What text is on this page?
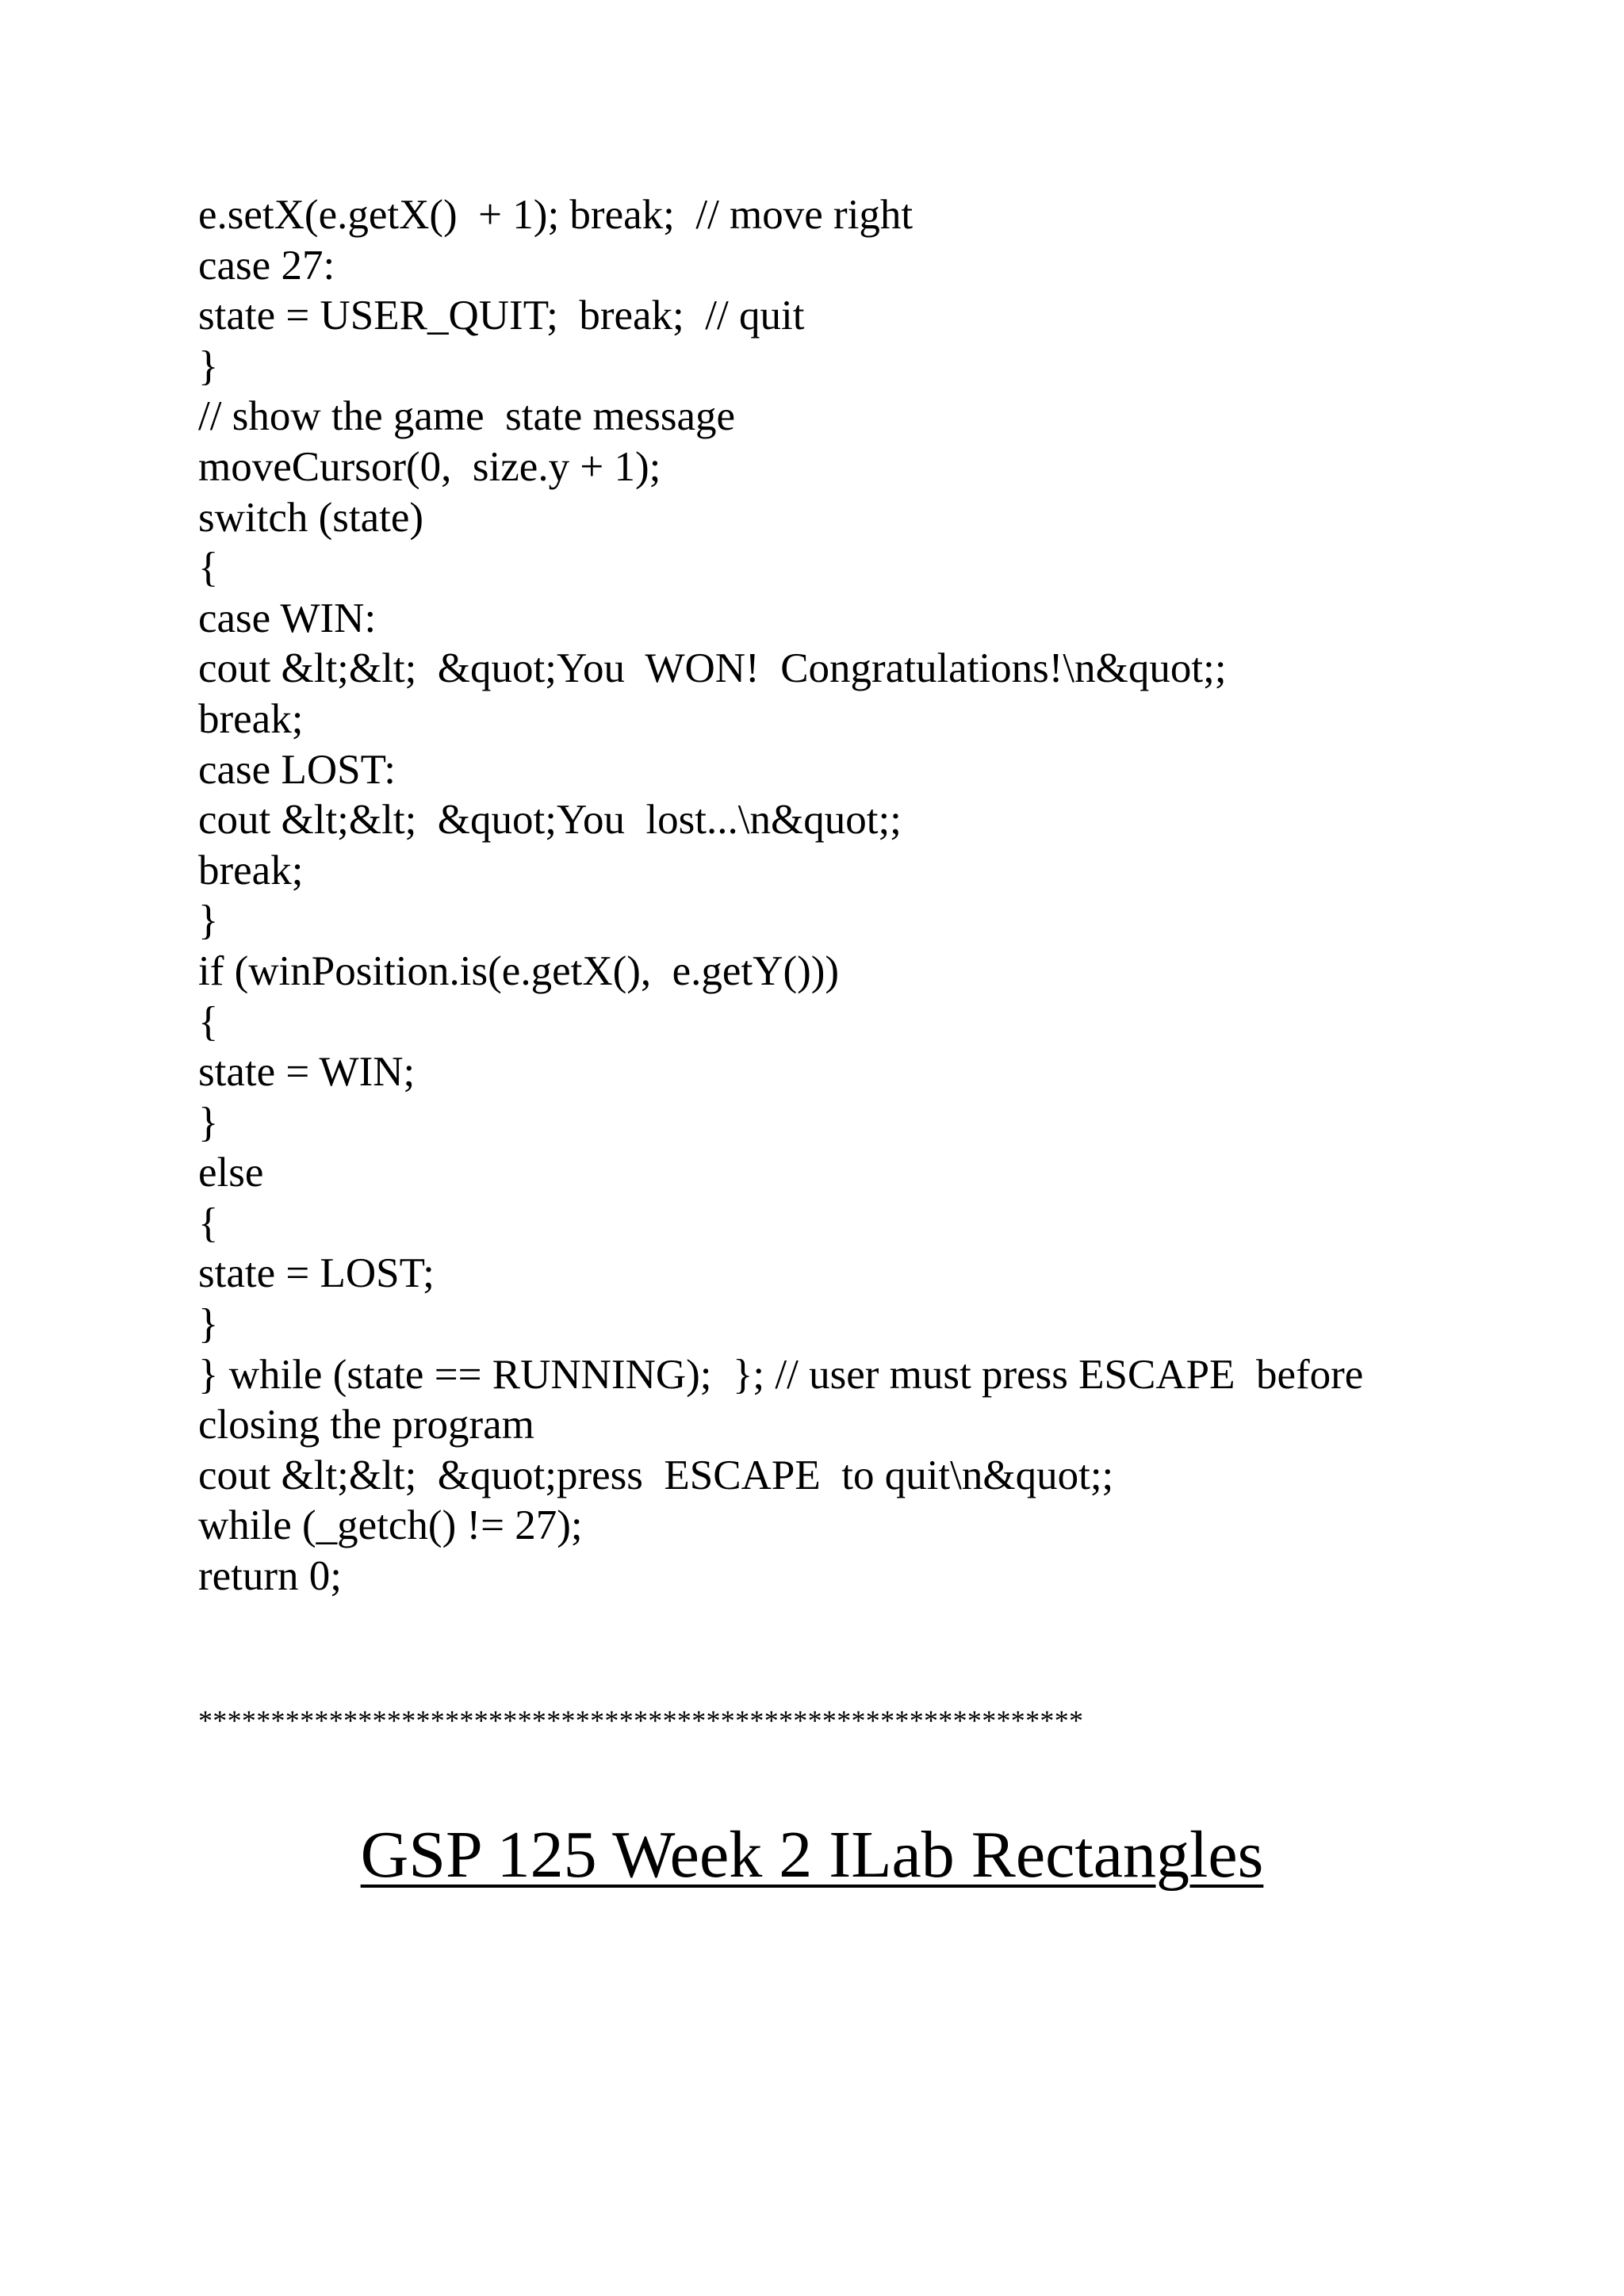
e.setX(e.getX()  + 1); break;  // move right
case 27:
state = USER_QUIT;  break;  // quit
}
// show the game  state message
moveCursor(0,  size.y + 1);
switch (state)
{
case WIN:
cout &lt;&lt;  &quot;You  WON!  Congratulations!\n&quot;;
break;
case LOST:
cout &lt;&lt;  &quot;You  lost...\n&quot;;
break;
}
if (winPosition.is(e.getX(),  e.getY()))
{
state = WIN;
}
else
{
state = LOST;
}
} while (state == RUNNING);  }; // user must press ESCAPE  before
closing the program
cout &lt;&lt;  &quot;press  ESCAPE  to quit\n&quot;;
while (_getch() != 27);
return 0;
*************************************************************
GSP 125 Week 2 ILab Rectangles
